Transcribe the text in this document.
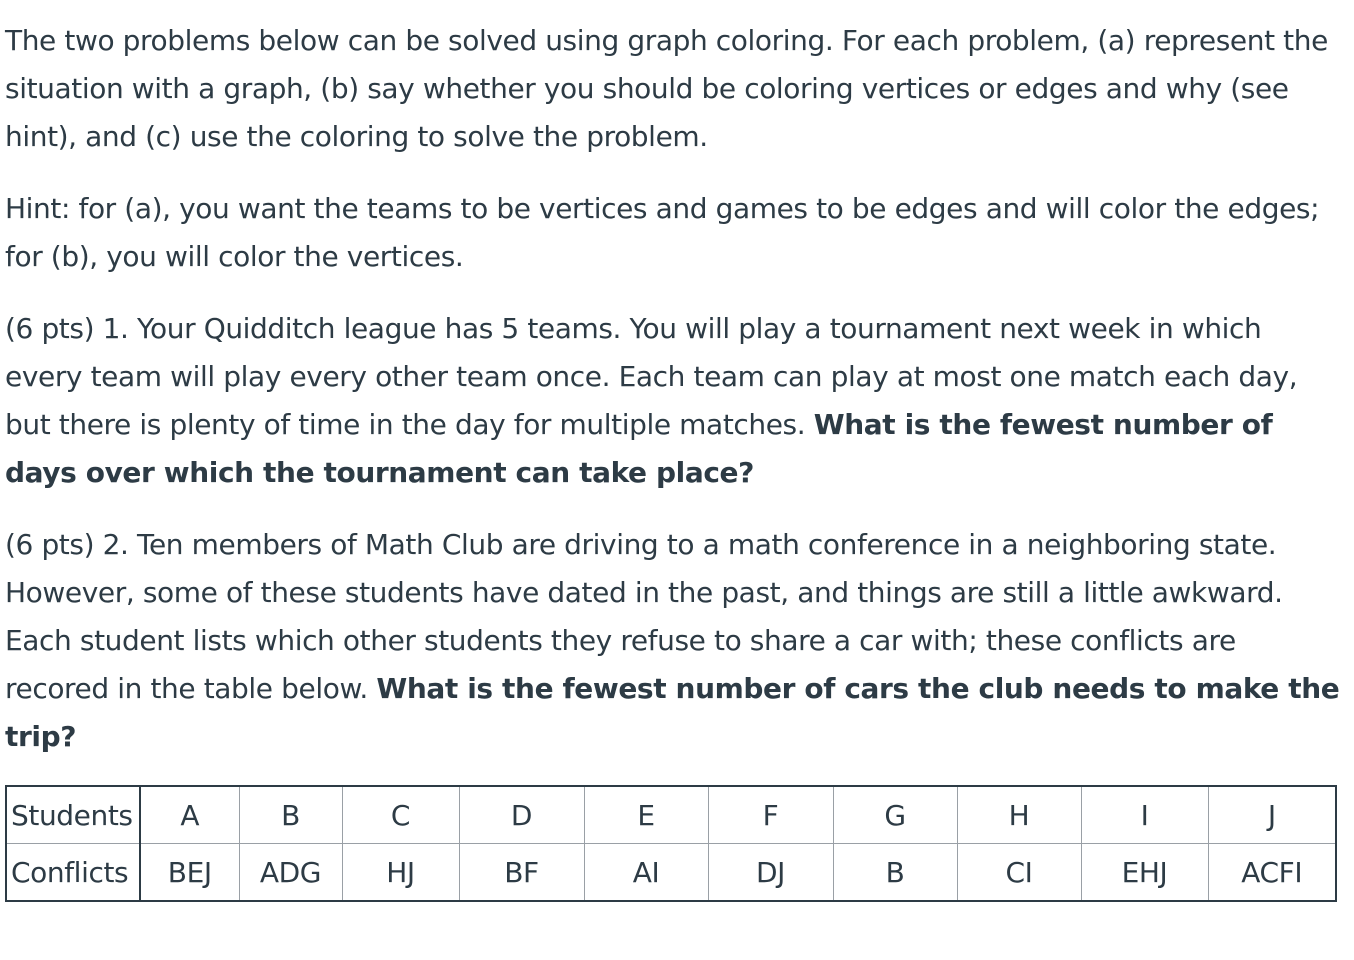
The two problems below can be solved using graph coloring. For each problem, (a) represent the situation with a graph, (b) say whether you should be coloring vertices or edges and why (see hint), and (c) use the coloring to solve the problem.

Hint: for (a), you want the teams to be vertices and games to be edges and will color the edges; for (b), you will color the vertices.

(6 pts) 1. Your Quidditch league has 5 teams. You will play a tournament next week in which every team will play every other team once. Each team can play at most one match each day, but there is plenty of time in the day for multiple matches. What is the fewest number of days over which the tournament can take place?

(6 pts) 2. Ten members of Math Club are driving to a math conference in a neighboring state. However, some of these students have dated in the past, and things are still a little awkward. Each student lists which other students they refuse to share a car with; these conflicts are recored in the table below. What is the fewest number of cars the club needs to make the trip?

Students	A	B	C	D	E	F	G	H	I	J
Conflicts	BEJ	ADG	HJ	BF	AI	DJ	B	CI	EHJ	ACFI
